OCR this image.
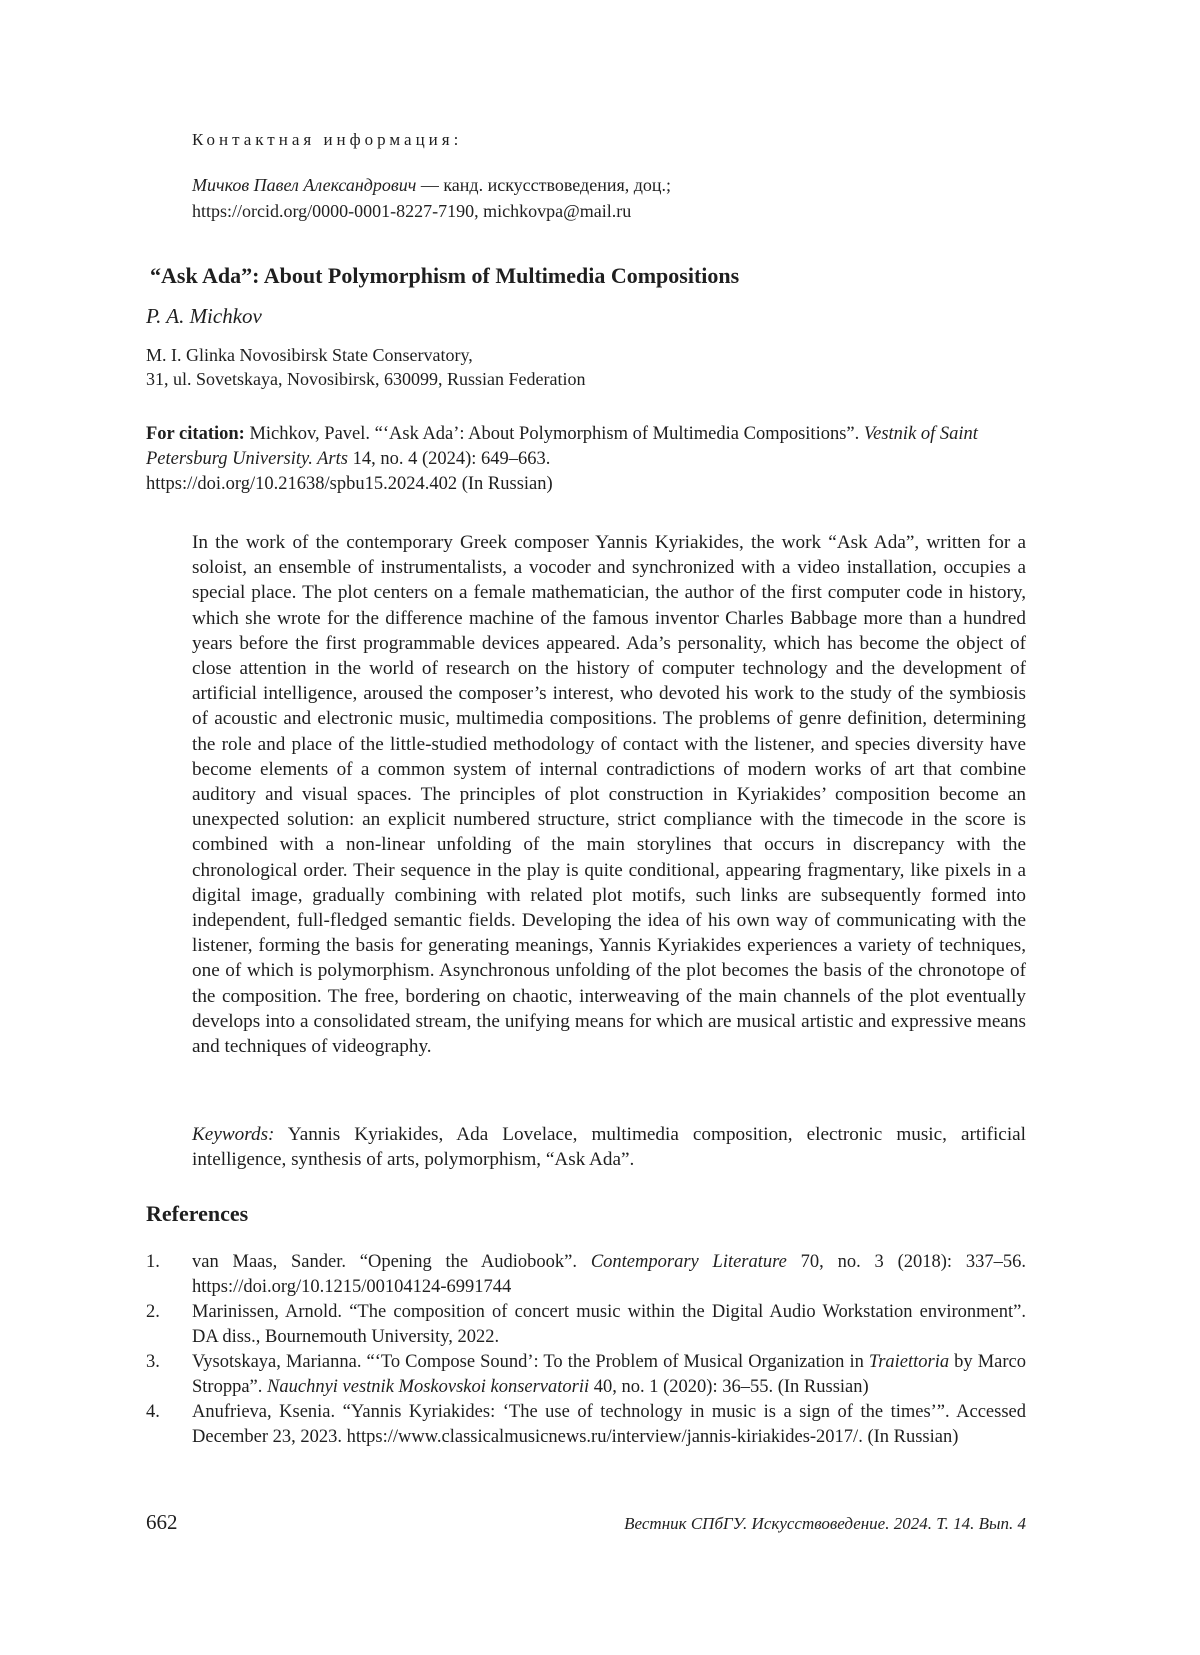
Контактная информация:
Мичков Павел Александрович — канд. искусствоведения, доц.;
https://orcid.org/0000-0001-8227-7190, michkovpa@mail.ru
“Ask Ada”: About Polymorphism of Multimedia Compositions
P. A. Michkov
M. I. Glinka Novosibirsk State Conservatory,
31, ul. Sovetskaya, Novosibirsk, 630099, Russian Federation
For citation: Michkov, Pavel. “‘Ask Ada’: About Polymorphism of Multimedia Compositions”. Vestnik of Saint Petersburg University. Arts 14, no. 4 (2024): 649–663.
https://doi.org/10.21638/spbu15.2024.402 (In Russian)
In the work of the contemporary Greek composer Yannis Kyriakides, the work “Ask Ada”, written for a soloist, an ensemble of instrumentalists, a vocoder and synchronized with a video installation, occupies a special place. The plot centers on a female mathematician, the author of the first computer code in history, which she wrote for the difference machine of the famous inventor Charles Babbage more than a hundred years before the first programmable devices appeared. Ada’s personality, which has become the object of close attention in the world of research on the history of computer technology and the development of artificial intelligence, aroused the composer’s interest, who devoted his work to the study of the symbiosis of acoustic and electronic music, multimedia compositions. The problems of genre definition, determining the role and place of the little-studied methodology of contact with the listener, and species diversity have become elements of a common system of internal contradictions of modern works of art that combine auditory and visual spaces. The principles of plot construction in Kyriakides’ composition become an unexpected solution: an explicit numbered structure, strict compliance with the timecode in the score is combined with a non-linear unfolding of the main storylines that occurs in discrepancy with the chronological order. Their sequence in the play is quite conditional, appearing fragmentary, like pixels in a digital image, gradually combining with related plot motifs, such links are subsequently formed into independent, full-fledged semantic fields. Developing the idea of his own way of communicating with the listener, forming the basis for generating meanings, Yannis Kyriakides experiences a variety of techniques, one of which is polymorphism. Asynchronous unfolding of the plot becomes the basis of the chronotope of the composition. The free, bordering on chaotic, interweaving of the main channels of the plot eventually develops into a consolidated stream, the unifying means for which are musical artistic and expressive means and techniques of videography.
Keywords: Yannis Kyriakides, Ada Lovelace, multimedia composition, electronic music, artificial intelligence, synthesis of arts, polymorphism, “Ask Ada”.
References
1.	van Maas, Sander. “Opening the Audiobook”. Contemporary Literature 70, no. 3 (2018): 337–56. https://doi.org/10.1215/00104124-6991744
2.	Marinissen, Arnold. “The composition of concert music within the Digital Audio Workstation environment”. DA diss., Bournemouth University, 2022.
3.	Vysotskaya, Marianna. “‘To Compose Sound’: To the Problem of Musical Organization in Traiettoria by Marco Stroppa”. Nauchnyi vestnik Moskovskoi konservatorii 40, no. 1 (2020): 36–55. (In Russian)
4.	Anufrieva, Ksenia. “Yannis Kyriakides: ‘The use of technology in music is a sign of the times’”. Accessed December 23, 2023. https://www.classicalmusicnews.ru/interview/jannis-kiriakides-2017/. (In Russian)
662	Вестник СПбГУ. Искусствоведение. 2024. Т. 14. Вып. 4
